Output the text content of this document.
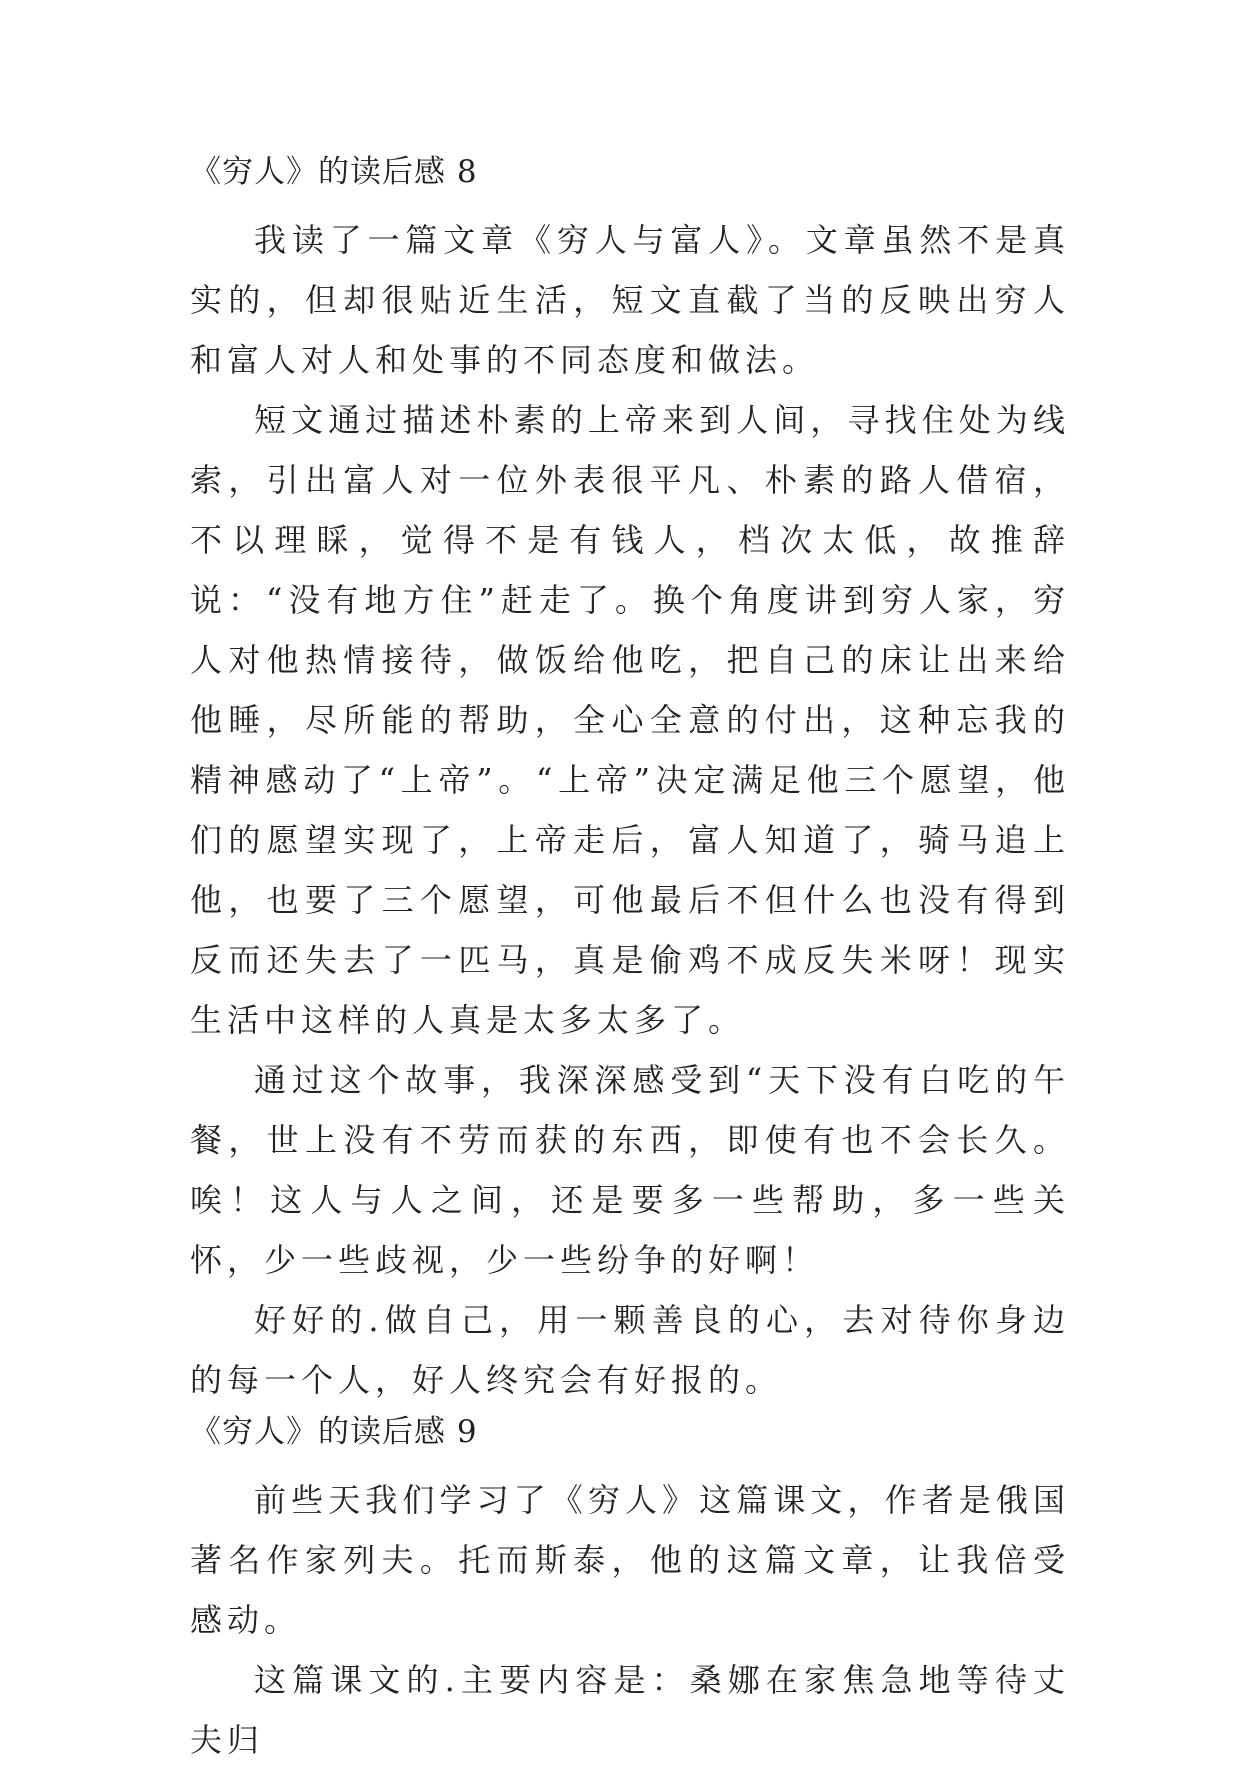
《穷人》的读后感 8

我读了一篇文章《穷人与富人》。文章虽然不是真实的，但却很贴近生活，短文直截了当的反映出穷人和富人对人和处事的不同态度和做法。

短文通过描述朴素的上帝来到人间，寻找住处为线索，引出富人对一位外表很平凡、朴素的路人借宿，不以理睬，觉得不是有钱人，档次太低，故推辞说：“没有地方住”赶走了。换个角度讲到穷人家，穷人对他热情接待，做饭给他吃，把自己的床让出来给他睡，尽所能的帮助，全心全意的付出，这种忘我的精神感动了“上帝”。“上帝”决定满足他三个愿望，他们的愿望实现了，上帝走后，富人知道了，骑马追上他，也要了三个愿望，可他最后不但什么也没有得到反而还失去了一匹马，真是偷鸡不成反失米呀！现实生活中这样的人真是太多太多了。

通过这个故事，我深深感受到“天下没有白吃的午餐，世上没有不劳而获的东西，即使有也不会长久。唉！这人与人之间，还是要多一些帮助，多一些关怀，少一些歧视，少一些纷争的好啊！

好好的.做自己，用一颗善良的心，去对待你身边的每一个人，好人终究会有好报的。

《穷人》的读后感 9

前些天我们学习了《穷人》这篇课文，作者是俄国著名作家列夫。托而斯泰，他的这篇文章，让我倍受感动。

这篇课文的.主要内容是：桑娜在家焦急地等待丈夫归
